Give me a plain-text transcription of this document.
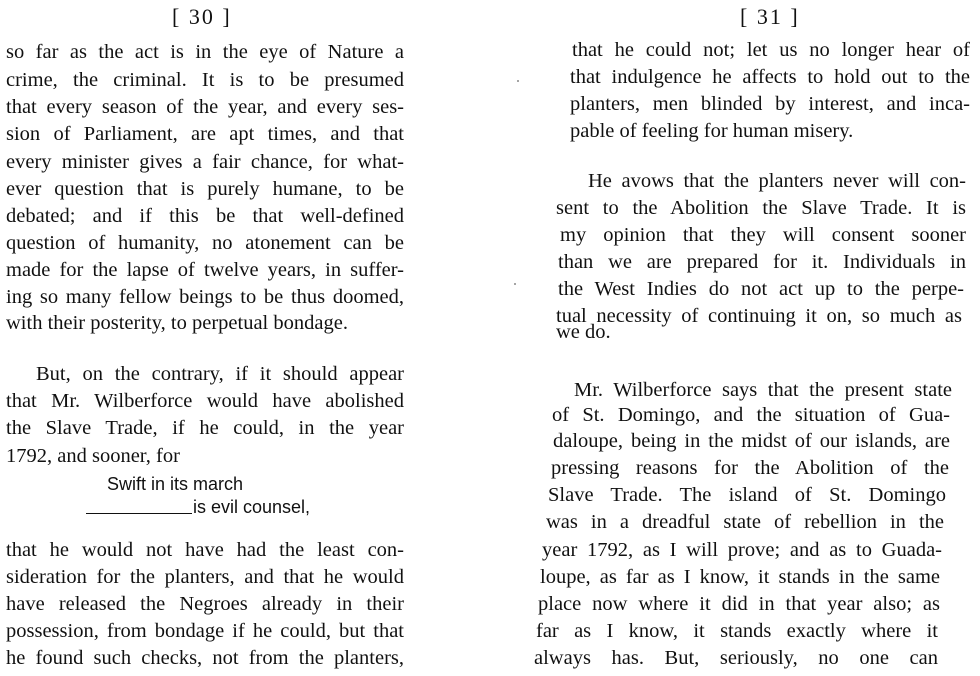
[ 30 ]
so far as the act is in the eye of Nature a
crime, the criminal. It is to be presumed
that every season of the year, and every ses-
sion of Parliament, are apt times, and that
every minister gives a fair chance, for what-
ever question that is purely humane, to be
debated; and if this be that well-defined
question of humanity, no atonement can be
made for the lapse of twelve years, in suffer-
ing so many fellow beings to be thus doomed,
with their posterity, to perpetual bondage.
But, on the contrary, if it should appear
that Mr. Wilberforce would have abolished
the Slave Trade, if he could, in the year
1792, and sooner, for
Swift in its march
is evil counsel,
that he would not have had the least con-
sideration for the planters, and that he would
have released the Negroes already in their
possession, from bondage if he could, but that
he found such checks, not from the planters,
[ 31 ]
that he could not; let us no longer hear of
that indulgence he affects to hold out to the
planters, men blinded by interest, and inca-
pable of feeling for human misery.
He avows that the planters never will con-
sent to the Abolition the Slave Trade. It is
my opinion that they will consent sooner
than we are prepared for it. Individuals in
the West Indies do not act up to the perpe-
tual necessity of continuing it on, so much as
we do.
Mr. Wilberforce says that the present state
of St. Domingo, and the situation of Gua-
daloupe, being in the midst of our islands, are
pressing reasons for the Abolition of the
Slave Trade. The island of St. Domingo
was in a dreadful state of rebellion in the
year 1792, as I will prove; and as to Guada-
loupe, as far as I know, it stands in the same
place now where it did in that year also; as
far as I know, it stands exactly where it
always has. But, seriously, no one can
